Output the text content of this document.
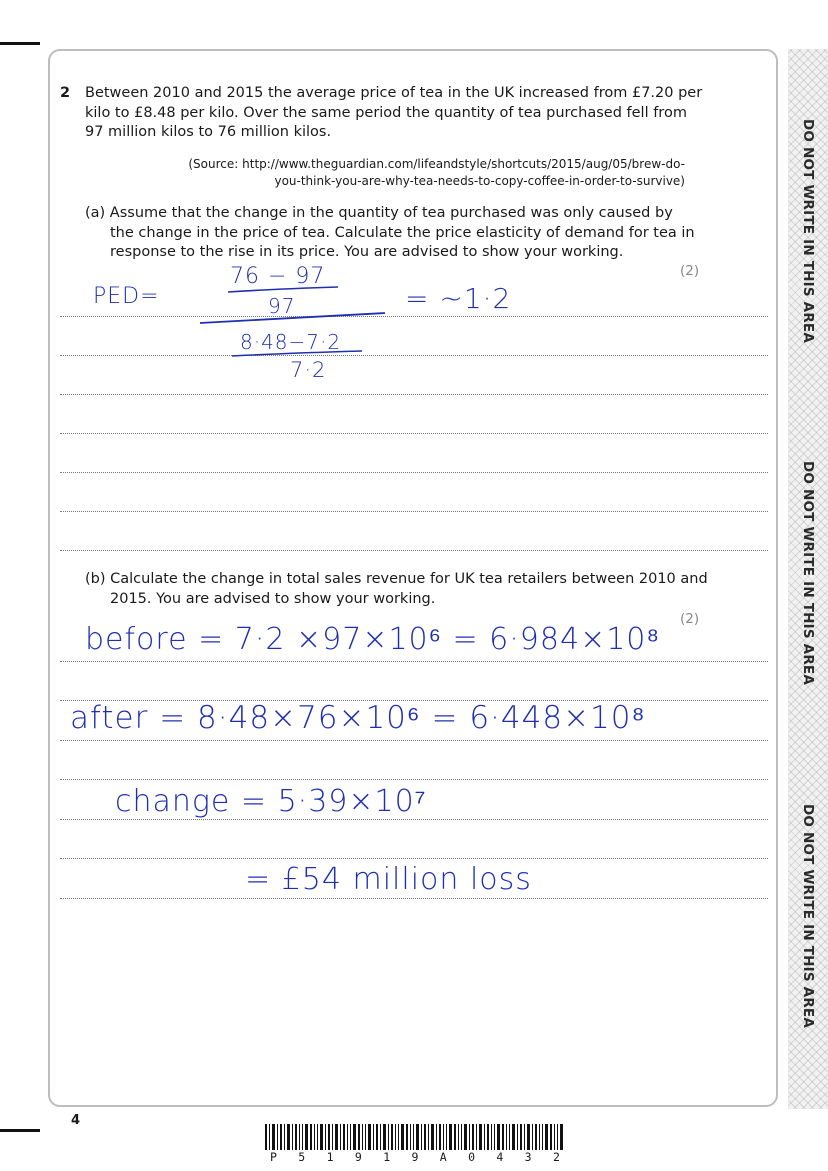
DO NOT WRITE IN THIS AREA
DO NOT WRITE IN THIS AREA
DO NOT WRITE IN THIS AREA
2 Between 2010 and 2015 the average price of tea in the UK increased from £7.20 per
kilo to £8.48 per kilo. Over the same period the quantity of tea purchased fell from
97 million kilos to 76 million kilos.
(Source: http://www.theguardian.com/lifeandstyle/shortcuts/2015/aug/05/brew-do-
you-think-you-are-why-tea-needs-to-copy-coffee-in-order-to-survive)
(a) Assume that the change in the quantity of tea purchased was only caused by
the change in the price of tea. Calculate the price elasticity of demand for tea in
response to the rise in its price. You are advised to show your working.
(2)
PED=
76 − 97
97
8·48−7·2
7·2
= ~1·2
(b) Calculate the change in total sales revenue for UK tea retailers between 2010 and
2015. You are advised to show your working.
(2)
before = 7·2 ×97×10⁶ = 6·984×10⁸
after = 8·48×76×10⁶ = 6·448×10⁸
change = 5·39×10⁷
= £54 million loss
4
P 5 1 9 1 9 A 0 4 3 2
